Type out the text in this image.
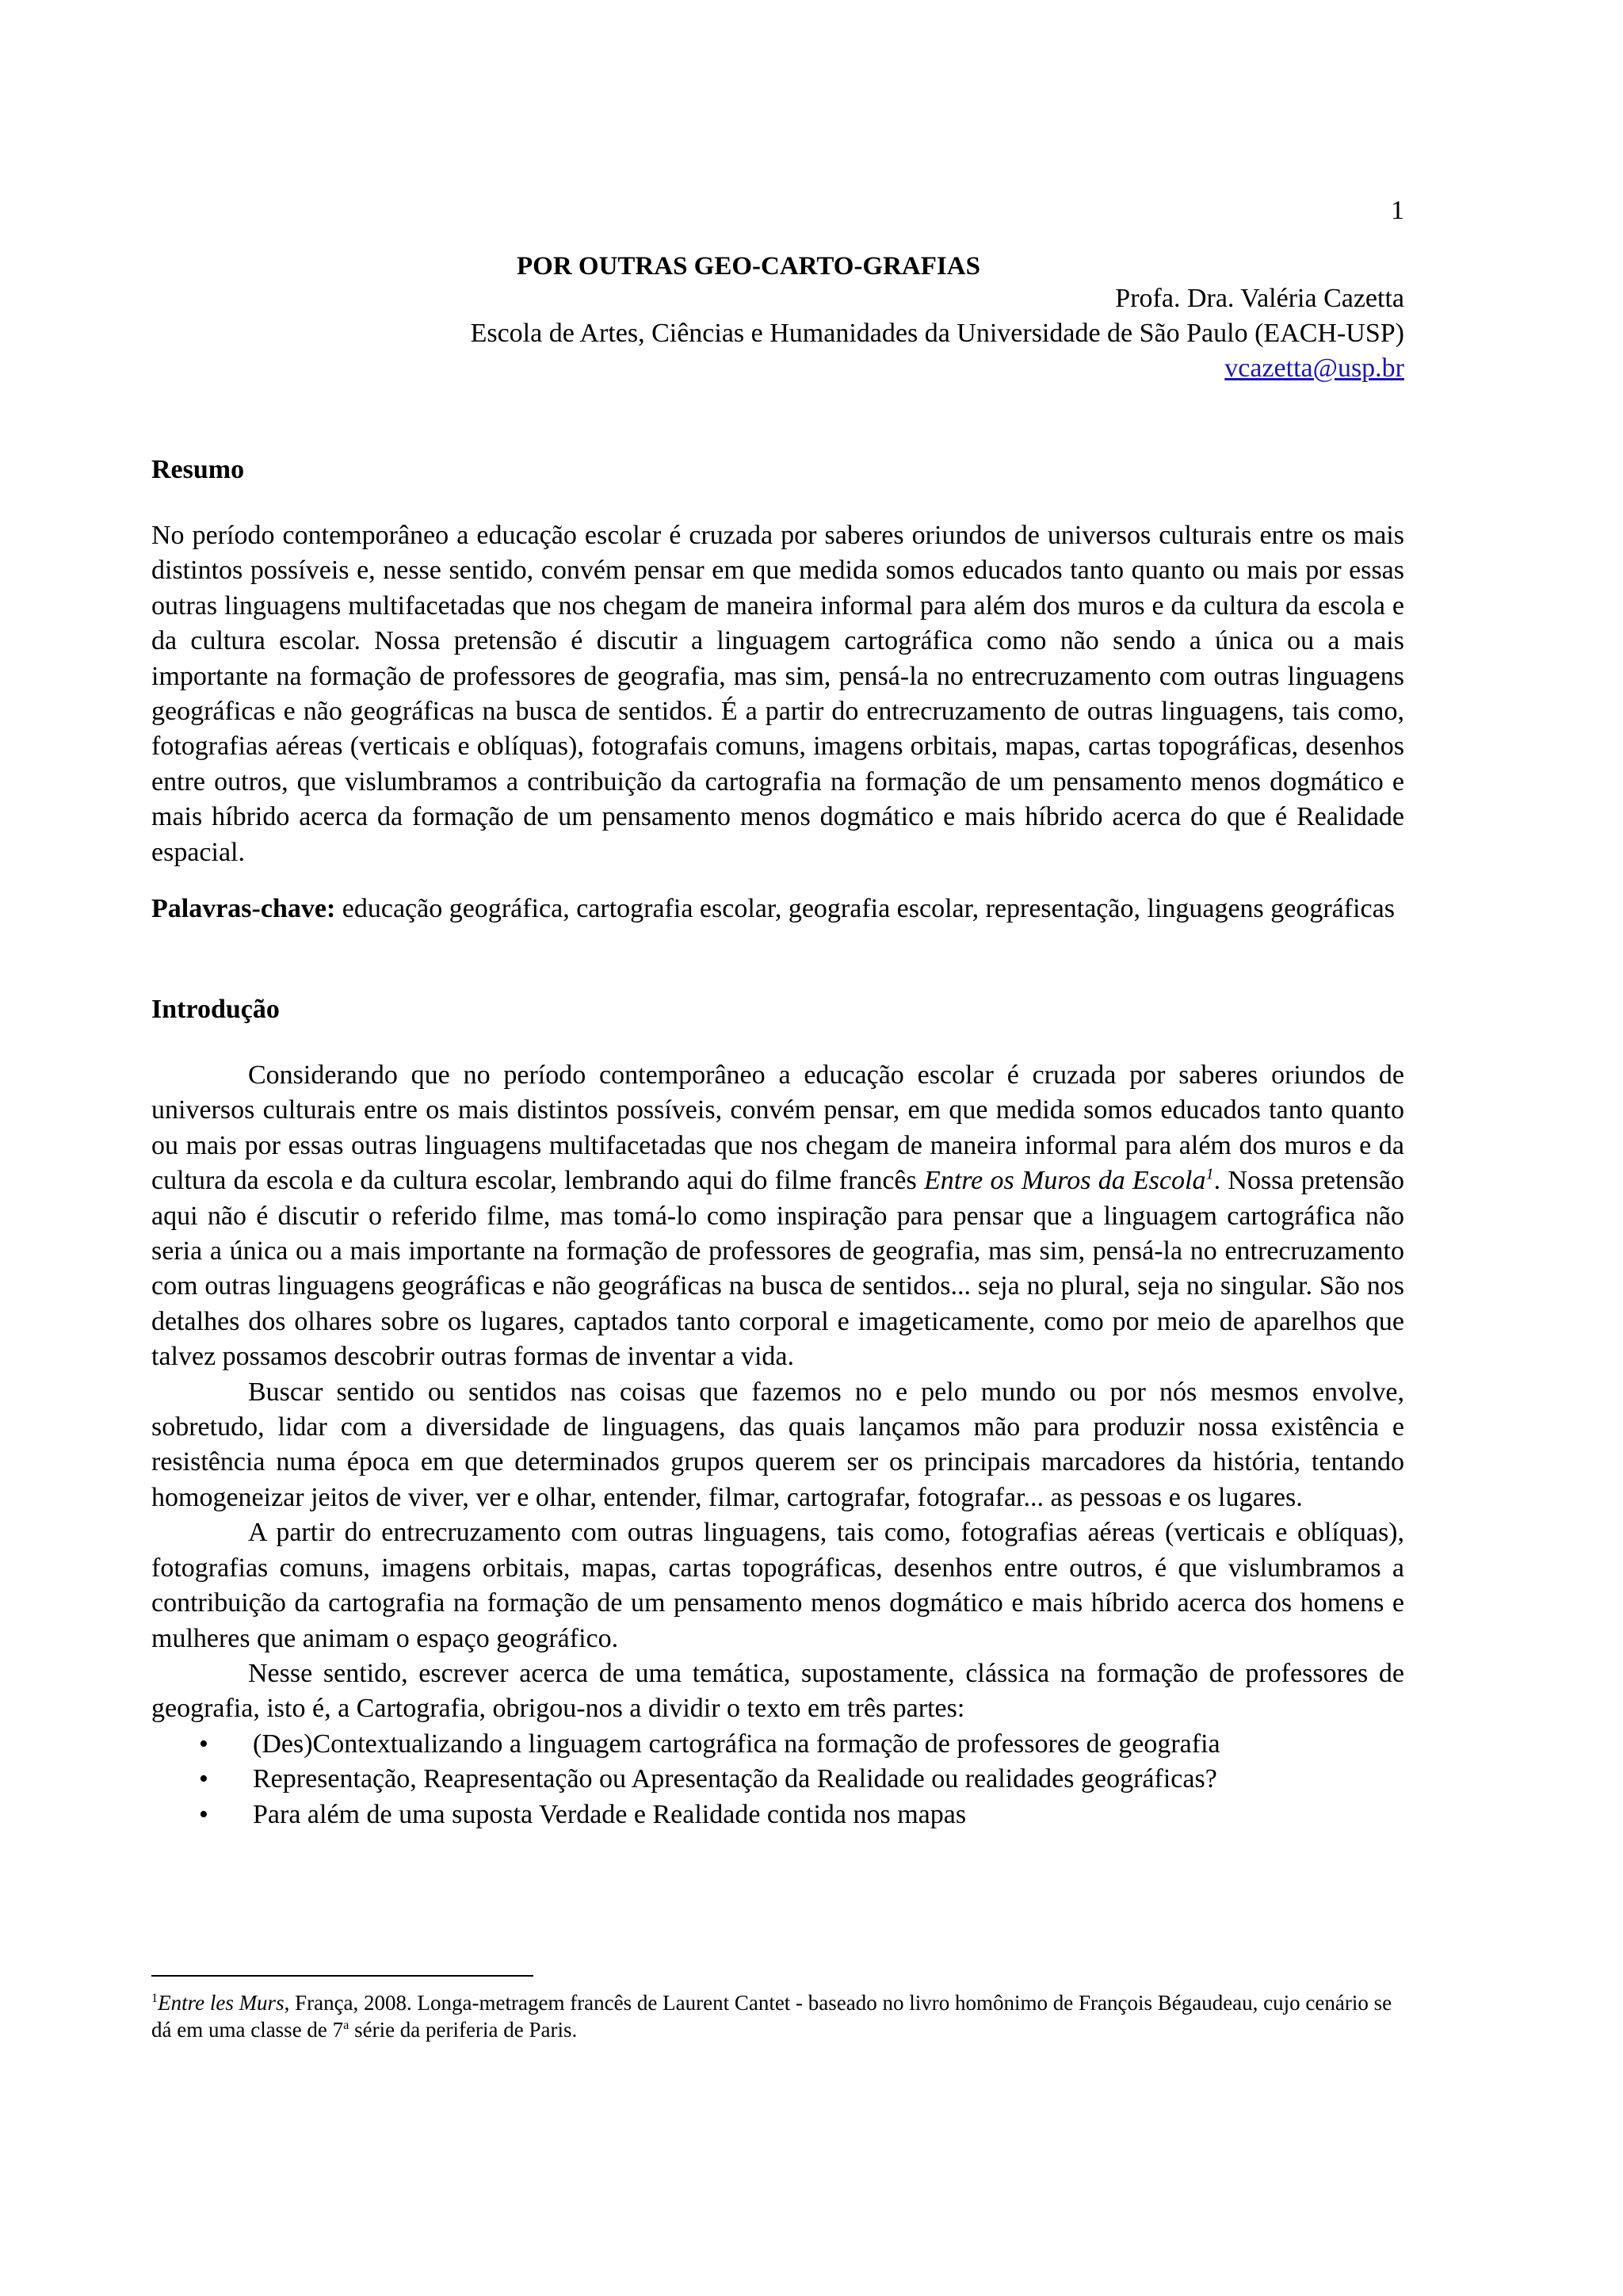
1
POR OUTRAS GEO-CARTO-GRAFIAS
Profa. Dra. Valéria Cazetta
Escola de Artes, Ciências e Humanidades da Universidade de São Paulo (EACH-USP)
vcazetta@usp.br
Resumo

No período contemporâneo a educação escolar é cruzada por saberes oriundos de universos culturais entre os mais distintos possíveis e, nesse sentido, convém pensar em que medida somos educados tanto quanto ou mais por essas outras linguagens multifacetadas que nos chegam de maneira informal para além dos muros e da cultura da escola e da cultura escolar. Nossa pretensão é discutir a linguagem cartográfica como não sendo a única ou a mais importante na formação de professores de geografia, mas sim, pensá-la no entrecruzamento com outras linguagens geográficas e não geográficas na busca de sentidos. É a partir do entrecruzamento de outras linguagens, tais como, fotografias aéreas (verticais e oblíquas), fotografais comuns, imagens orbitais, mapas, cartas topográficas, desenhos entre outros, que vislumbramos a contribuição da cartografia na formação de um pensamento menos dogmático e mais híbrido acerca da formação de um pensamento menos dogmático e mais híbrido acerca do que é Realidade espacial.

Palavras-chave: educação geográfica, cartografia escolar, geografia escolar, representação, linguagens geográficas

Introdução

Considerando que no período contemporâneo a educação escolar é cruzada por saberes oriundos de universos culturais entre os mais distintos possíveis, convém pensar, em que medida somos educados tanto quanto ou mais por essas outras linguagens multifacetadas que nos chegam de maneira informal para além dos muros e da cultura da escola e da cultura escolar, lembrando aqui do filme francês Entre os Muros da Escola$^1$. Nossa pretensão aqui não é discutir o referido filme, mas tomá-lo como inspiração para pensar que a linguagem cartográfica não seria a única ou a mais importante na formação de professores de geografia, mas sim, pensá-la no entrecruzamento com outras linguagens geográficas e não geográficas na busca de sentidos... seja no plural, seja no singular. São nos detalhes dos olhares sobre os lugares, captados tanto corporal e imageticamente, como por meio de aparelhos que talvez possamos descobrir outras formas de inventar a vida.

Buscar sentido ou sentidos nas coisas que fazemos no e pelo mundo ou por nós mesmos envolve, sobretudo, lidar com a diversidade de linguagens, das quais lançamos mão para produzir nossa existência e resistência numa época em que determinados grupos querem ser os principais marcadores da história, tentando homogeneizar jeitos de viver, ver e olhar, entender, filmar, cartografar, fotografar... as pessoas e os lugares.

A partir do entrecruzamento com outras linguagens, tais como, fotografias aéreas (verticais e oblíquas), fotografias comuns, imagens orbitais, mapas, cartas topográficas, desenhos entre outros, é que vislumbramos a contribuição da cartografia na formação de um pensamento menos dogmático e mais híbrido acerca dos homens e mulheres que animam o espaço geográfico.

Nesse sentido, escrever acerca de uma temática, supostamente, clássica na formação de professores de geografia, isto é, a Cartografia, obrigou-nos a dividir o texto em três partes:

• (Des)Contextualizando a linguagem cartográfica na formação de professores de geografia
• Representação, Reapresentação ou Apresentação da Realidade ou realidades geográficas?
• Para além de uma suposta Verdade e Realidade contida nos mapas
$^1$Entre les Murs, França, 2008. Longa-metragem francês de Laurent Cantet - baseado no livro homônimo de François Bégaudeau, cujo cenário se dá em uma classe de 7$^a$ série da periferia de Paris.
